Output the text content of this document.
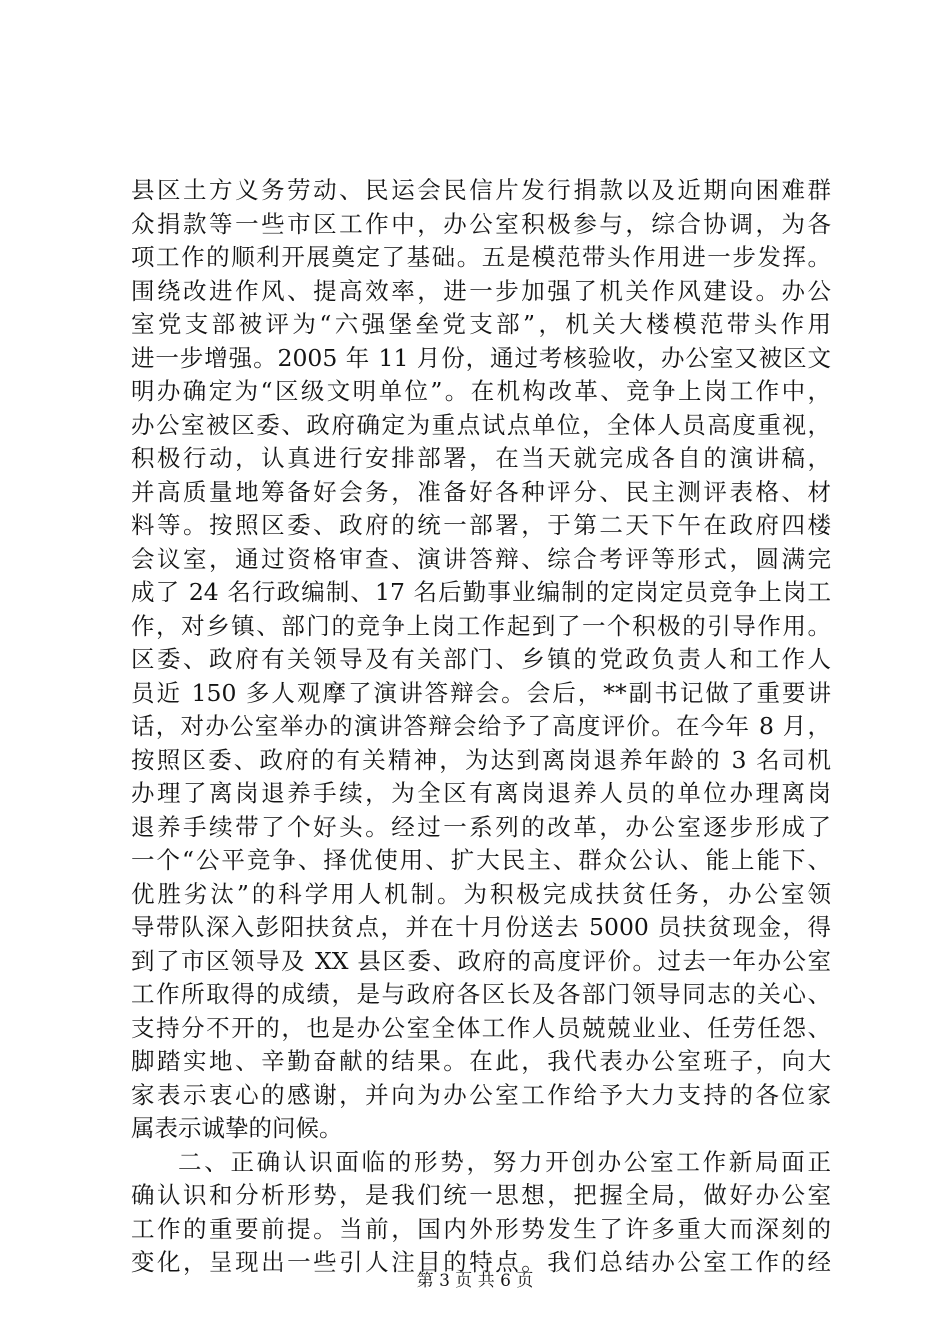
县区土方义务劳动、民运会民信片发行捐款以及近期向困难群
众捐款等一些市区工作中，办公室积极参与，综合协调，为各
项工作的顺利开展奠定了基础。五是模范带头作用进一步发挥。
围绕改进作风、提高效率，进一步加强了机关作风建设。办公
室党支部被评为“六强堡垒党支部”，机关大楼模范带头作用
进一步增强。2005 年 11 月份，通过考核验收，办公室又被区文
明办确定为“区级文明单位”。在机构改革、竞争上岗工作中，
办公室被区委、政府确定为重点试点单位，全体人员高度重视，
积极行动，认真进行安排部署，在当天就完成各自的演讲稿，
并高质量地筹备好会务，准备好各种评分、民主测评表格、材
料等。按照区委、政府的统一部署，于第二天下午在政府四楼
会议室，通过资格审查、演讲答辩、综合考评等形式，圆满完
成了 24 名行政编制、17 名后勤事业编制的定岗定员竞争上岗工
作，对乡镇、部门的竞争上岗工作起到了一个积极的引导作用。
区委、政府有关领导及有关部门、乡镇的党政负责人和工作人
员近 150 多人观摩了演讲答辩会。会后，**副书记做了重要讲
话，对办公室举办的演讲答辩会给予了高度评价。在今年 8 月，
按照区委、政府的有关精神，为达到离岗退养年龄的 3 名司机
办理了离岗退养手续，为全区有离岗退养人员的单位办理离岗
退养手续带了个好头。经过一系列的改革，办公室逐步形成了
一个“公平竞争、择优使用、扩大民主、群众公认、能上能下、
优胜劣汰”的科学用人机制。为积极完成扶贫任务，办公室领
导带队深入彭阳扶贫点，并在十月份送去 5000 员扶贫现金，得
到了市区领导及 XX 县区委、政府的高度评价。过去一年办公室
工作所取得的成绩，是与政府各区长及各部门领导同志的关心、
支持分不开的，也是办公室全体工作人员兢兢业业、任劳任怨、
脚踏实地、辛勤奋献的结果。在此，我代表办公室班子，向大
家表示衷心的感谢，并向为办公室工作给予大力支持的各位家
属表示诚挚的问候。
二、正确认识面临的形势，努力开创办公室工作新局面正
确认识和分析形势，是我们统一思想，把握全局，做好办公室
工作的重要前提。当前，国内外形势发生了许多重大而深刻的
变化，呈现出一些引人注目的特点。我们总结办公室工作的经
第 3 页 共 6 页
